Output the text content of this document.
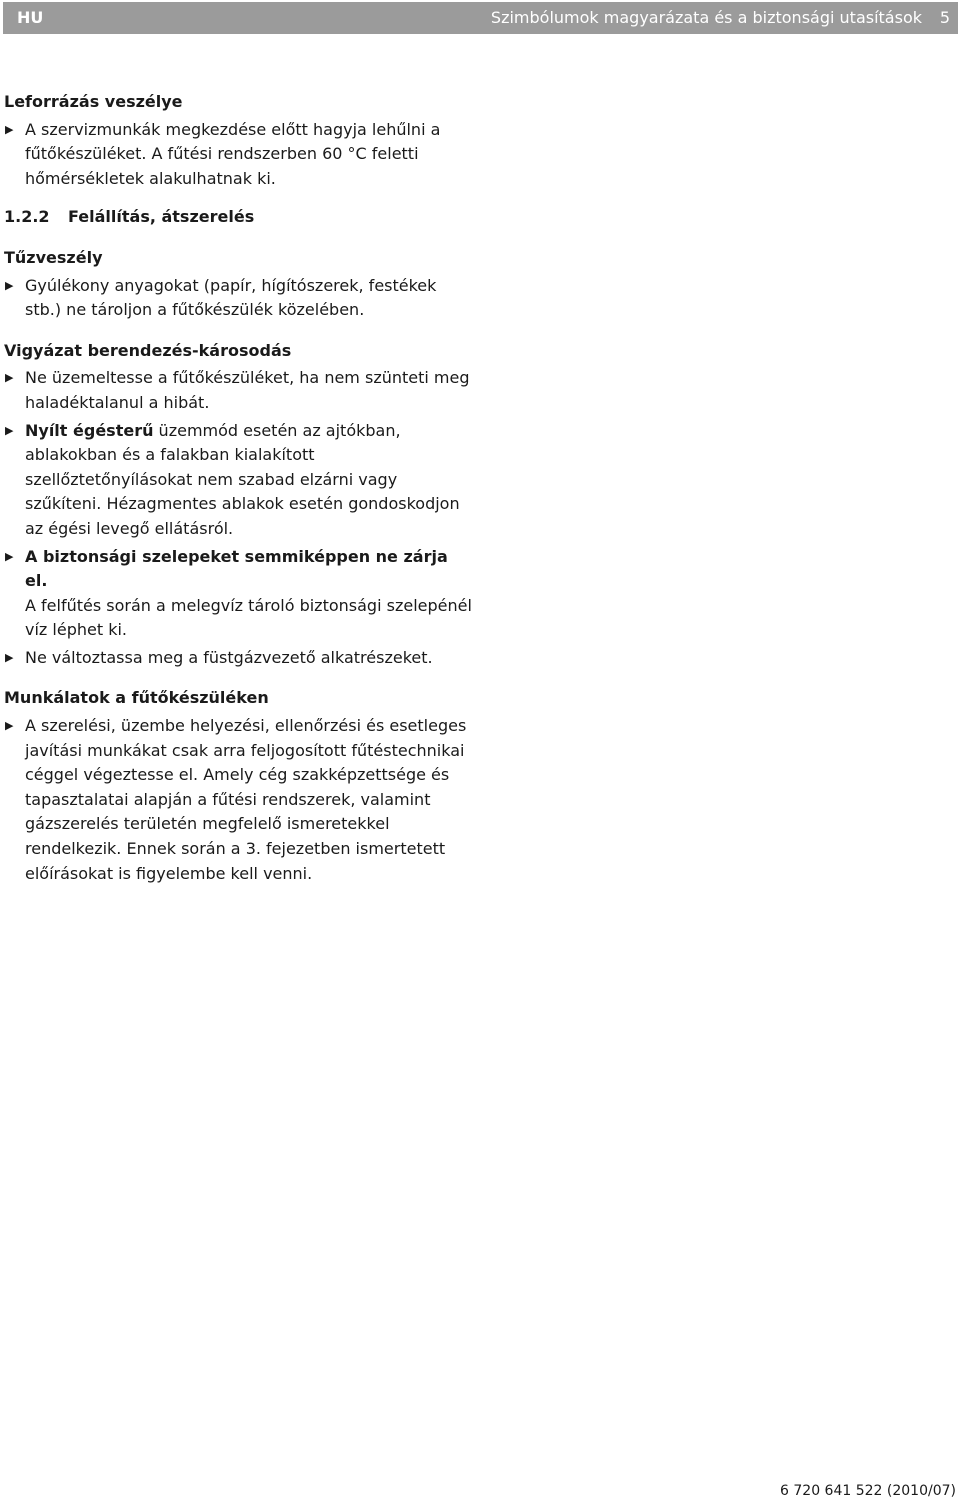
HU	Szimbólumok magyarázata és a biztonsági utasítások 5

Leforrázás veszélye

▶ A szervizmunkák megkezdése előtt hagyja lehűlni a fűtőkészüléket. A fűtési rendszerben 60 °C feletti hőmérsékletek alakulhatnak ki.

1.2.2 Felállítás, átszerelés

Tűzveszély

▶ Gyúlékony anyagokat (papír, hígítószerek, festékek stb.) ne tároljon a fűtőkészülék közelében.

Vigyázat berendezés-károsodás

▶ Ne üzemeltesse a fűtőkészüléket, ha nem szünteti meg haladéktalanul a hibát.
▶ Nyílt égésterű üzemmód esetén az ajtókban, ablakokban és a falakban kialakított szellőztetőnyílásokat nem szabad elzárni vagy szűkíteni. Hézagmentes ablakok esetén gondoskodjon az égési levegő ellátásról.
▶ A biztonsági szelepeket semmiképpen ne zárja el.
A felfűtés során a melegvíz tároló biztonsági szelepénél víz léphet ki.
▶ Ne változtassa meg a füstgázvezető alkatrészeket.

Munkálatok a fűtőkészüléken

▶ A szerelési, üzembe helyezési, ellenőrzési és esetleges javítási munkákat csak arra feljogosított fűtéstechnikai céggel végeztesse el. Amely cég szakképzettsége és tapasztalatai alapján a fűtési rendszerek, valamint gázszerelés területén megfelelő ismeretekkel rendelkezik. Ennek során a 3. fejezetben ismertetett előírásokat is figyelembe kell venni.
6 720 641 522 (2010/07)
